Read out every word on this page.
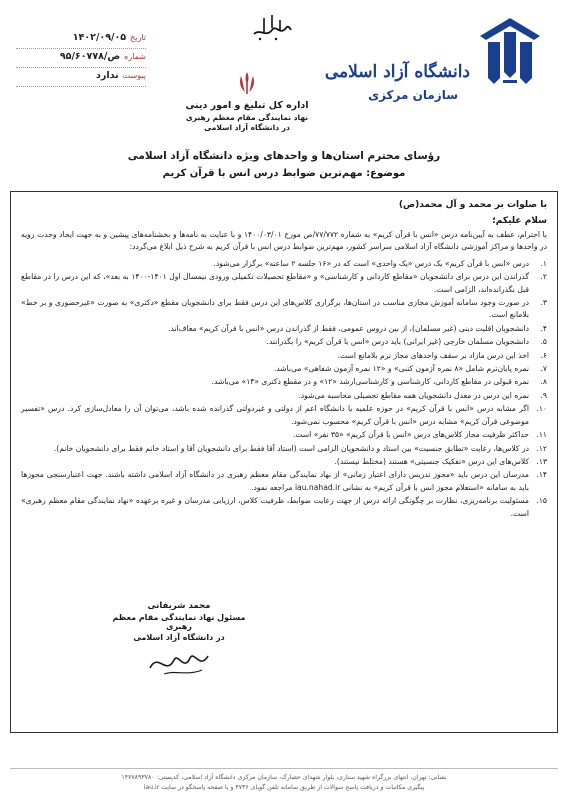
دانشگاه آزاد اسلامی
سازمان مرکزی
اداره کل تبلیغ و امور دینی
نهاد نمایندگی مقام معظم رهبری
در دانشگاه آزاد اسلامی
تاریخ
۱۴۰۲/۰۹/۰۵
شماره
۹۵/۶۰۷۷۸/ص
پیوست
ندارد
رؤسای محترم استان‌ها و واحدهای ویژه دانشگاه آزاد اسلامی
موضوع: مهم‌ترین ضوابط درس انس با قرآن کریم
با صلوات بر محمد و آل محمد(ص)
سلام علیکم؛

با احترام، عطف به آیین‌نامه درس «انس با قرآن کریم» به شماره ۷۷/۷۷۲/ص مورخ ۱۴۰۰/۰۳/۰۱ و با عنایت به نامه‌ها و بخشنامه‌های پیشین و به جهت ایجاد وحدت رویه در واحدها و مراکز آموزشی دانشگاه آزاد اسلامی سراسر کشور، مهم‌ترین ضوابط درس انس با قرآن کریم به شرح ذیل ابلاغ می‌گردد:

۱.
درس «انس با قرآن کریم» یک درس «یک واحدی» است که در «۱۶ جلسه ۲ ساعته» برگزار می‌شود.
۲.
گذراندن این درس برای دانشجویان «مقاطع کاردانی و کارشناسی» و «مقاطع تحصیلات تکمیلی ورودی نیمسال اول ۱۴۰۱-۱۴۰۰ به بعد»، که این درس را در مقاطع قبل نگذرانده‌اند، الزامی است.
۳.
در صورت وجود سامانه آموزش مجازی مناسب در استان‌ها، برگزاری کلاس‌های این درس فقط برای دانشجویان مقطع «دکتری» به صورت «غیرحضوری و بر خط» بلامانع است.
۴.
دانشجویان اقلیت دینی (غیر مسلمان)، از بین دروس عمومی، فقط از گذراندن درس «انس با قرآن کریم» معاف‌اند.
۵.
دانشجویان مسلمان خارجی (غیر ایرانی) باید درس «انس با قرآن کریم» را بگذرانند.
۶.
اخذ این درس مازاد بر سقف واحدهای مجاز ترم بلامانع است.
۷.
نمره پایان‌ترم شامل «۸ نمره آزمون کتبی» و «۱۲ نمره آزمون شفاهی» می‌باشد.
۸.
نمره قبولی در مقاطع کاردانی، کارشناسی و کارشناسی‌ارشد «۱۲» و در مقطع دکتری «۱۴» می‌باشد.
۹.
نمره این درس در معدل دانشجویان همه مقاطع تحصیلی محاسبه می‌شود.
۱۰.
اگر مشابه درس «انس با قرآن کریم» در حوزه علمیه یا دانشگاه اعم از دولتی و غیردولتی گذرانده شده باشد، می‌توان آن را معادل‌سازی کرد. درس «تفسیر موضوعی قرآن کریم» مشابه درس «انس با قرآن کریم» محسوب نمی‌شود.
۱۱.
حداکثر ظرفیت مجاز کلاس‌های درس «انس با قرآن کریم» «۳۵ نفر» است.
۱۲.
در کلاس‌ها، رعایت «تطابق جنسیت» بین استاد و دانشجویان الزامی است (استاد آقا فقط برای دانشجویان آقا و استاد خانم فقط برای دانشجویان خانم).
۱۳.
کلاس‌های این درس «تفکیک جنسیتی» هستند (مختلط نیستند).
۱۴.
مدرسان این درس باید «مجوز تدریس دارای اعتبار زمانی» از نهاد نمایندگی مقام معظم رهبری در دانشگاه آزاد اسلامی داشته باشند. جهت اعتبارسنجی مجوزها باید به سامانه «استعلام مجوز انس با قرآن کریم» به نشانی iau.nahad.ir مراجعه نمود.
۱۵.
مسئولیت برنامه‌ریزی، نظارت بر چگونگی ارائه درس از جهت رعایت ضوابط، ظرفیت کلاس، ارزیابی مدرسان و غیره برعهده «نهاد نمایندگی مقام معظم رهبری» است.
محمد شریفانی
مسئول نهاد نمایندگی مقام معظم رهبری
در دانشگاه آزاد اسلامی
نشانی: تهران، انتهای بزرگراه شهید ستاری، بلوار شهدای حصارک، سازمان مرکزی دانشگاه آزاد اسلامی، کدپستی: ۱۴۷۷۸۹۳۷۸۰
پیگیری مکاتبات و دریافت پاسخ سوالات از طریق سامانه تلفن گویای ۴۷۳۶ و یا صفحه پاسخگو در سایت iau.ir
